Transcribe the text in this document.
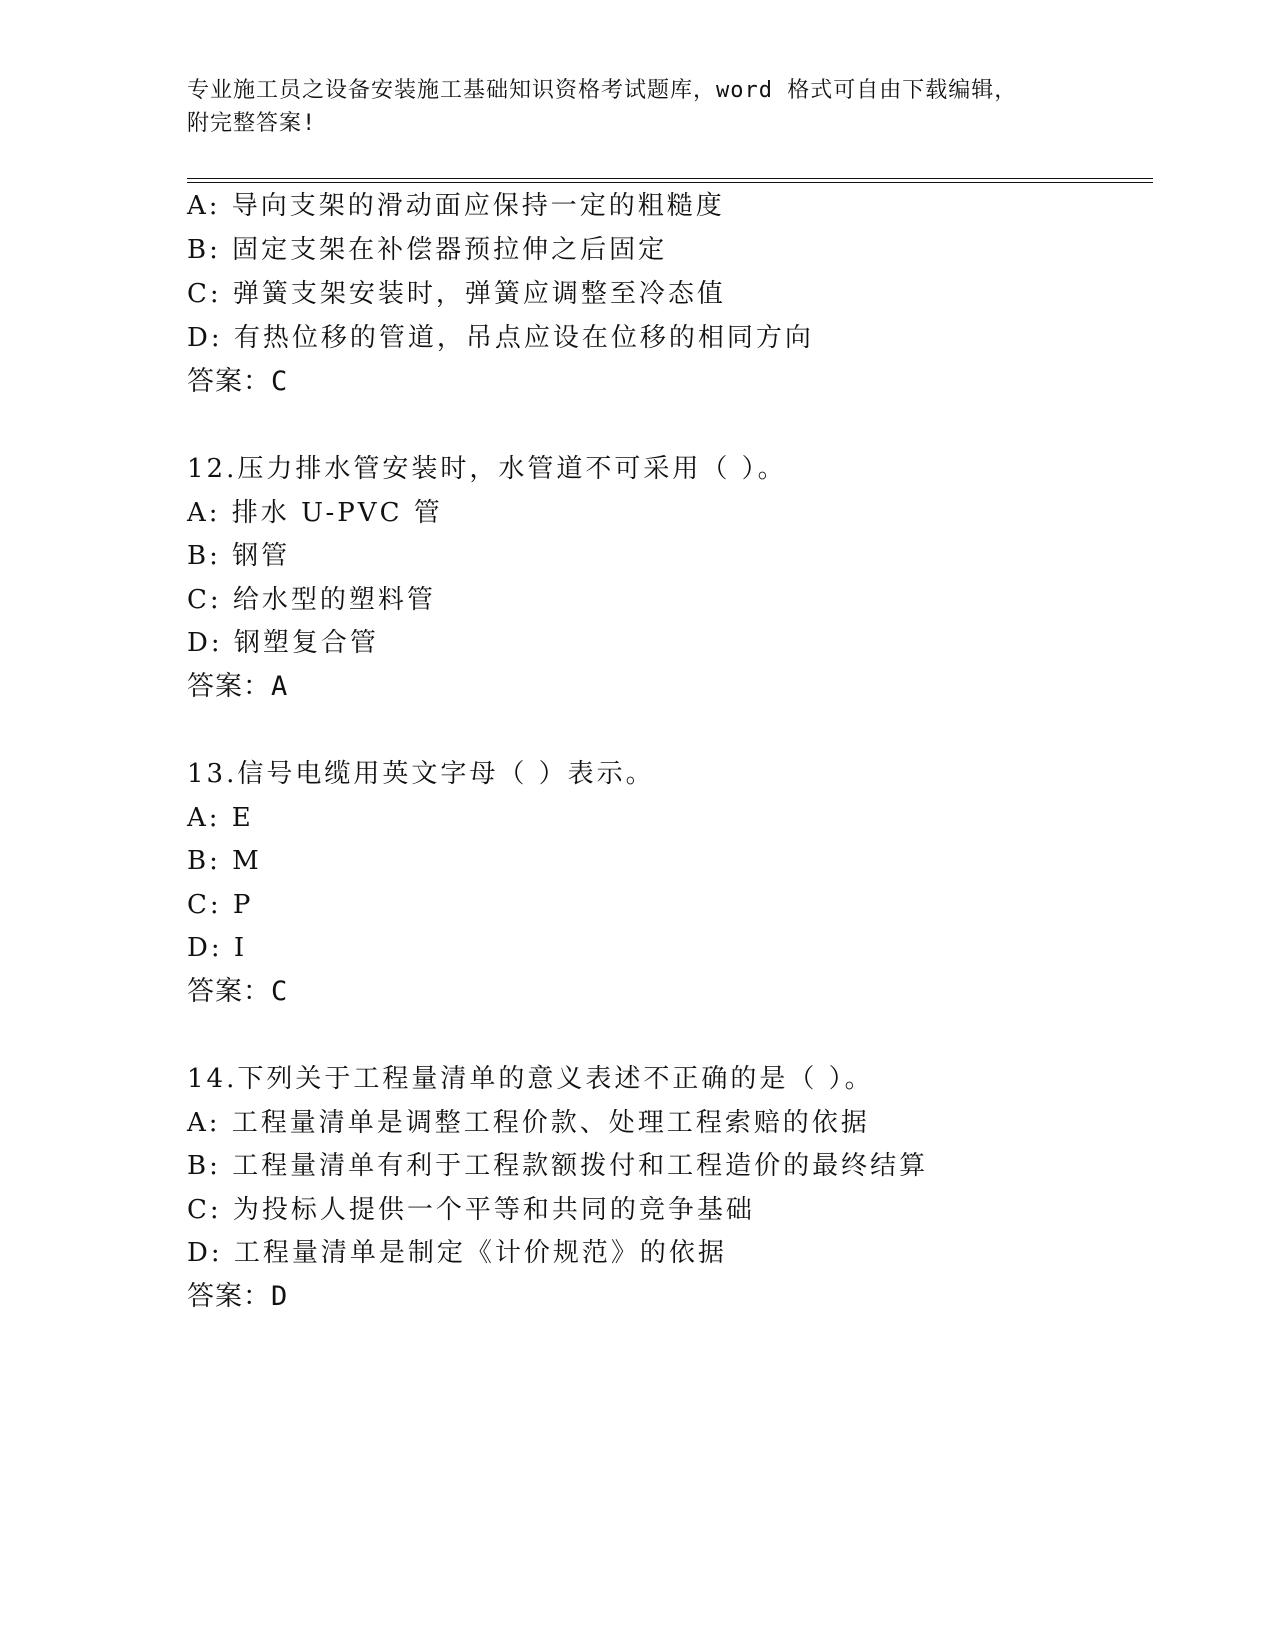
专业施工员之设备安装施工基础知识资格考试题库，word 格式可自由下载编辑，
附完整答案!
A: 导向支架的滑动面应保持一定的粗糙度
B: 固定支架在补偿器预拉伸之后固定
C: 弹簧支架安装时，弹簧应调整至冷态值
D: 有热位移的管道，吊点应设在位移的相同方向
答案：C
12.压力排水管安装时，水管道不可采用（ ）。
A: 排水 U-PVC 管
B: 钢管
C: 给水型的塑料管
D: 钢塑复合管
答案：A
13.信号电缆用英文字母（ ）表示。
A: E
B: M
C: P
D: I
答案：C
14.下列关于工程量清单的意义表述不正确的是（ ）。
A: 工程量清单是调整工程价款、处理工程索赔的依据
B: 工程量清单有利于工程款额拨付和工程造价的最终结算
C: 为投标人提供一个平等和共同的竞争基础
D: 工程量清单是制定《计价规范》的依据
答案：D
